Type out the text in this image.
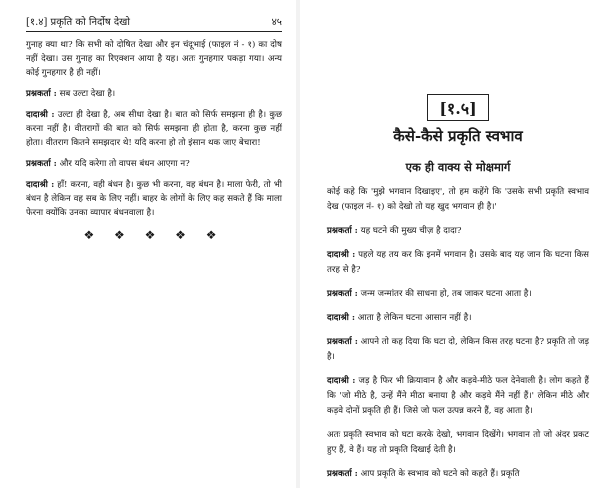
[१.४] प्रकृति को निर्दोष देखो	४५

गुनाह क्या था? कि सभी को दोषित देखा और इन चंदूभाई (फाइल नं - १) का दोष नहीं देखा। उस गुनाह का रिएक्शन आया है यह। अतः गुनहगार पकड़ा गया। अन्य कोई गुनहगार है ही नहीं।

प्रश्नकर्ता : सब उल्टा देखा है।

दादाश्री : उल्टा ही देखा है, अब सीधा देखा है। बात को सिर्फ समझना ही है। कुछ करना नहीं है। वीतरागों की बात को सिर्फ समझना ही होता है, करना कुछ नहीं होता। वीतराग कितने समझदार थे! यदि करना हो तो इंसान थक जाए बेचारा!

प्रश्नकर्ता : और यदि करेगा तो वापस बंधन आएगा न?

दादाश्री : हाँ! करना, वही बंधन है। कुछ भी करना, वह बंधन है। माला फेरी, तो भी बंधन है लेकिन वह सब के लिए नहीं। बाहर के लोगों के लिए कह सकते हैं कि माला फेरना क्योंकि उनका व्यापार बंधनवाला है।

❖ ❖ ❖ ❖ ❖
[१.५]
कैसे-कैसे प्रकृति स्वभाव
एक ही वाक्य से मोक्षमार्ग

कोई कहे कि 'मुझे भगवान दिखाइए', तो हम कहेंगे कि 'उसके सभी प्रकृति स्वभाव देख (फाइल नं- १) को देखो तो यह खुद भगवान ही है।'

प्रश्नकर्ता : यह घटने की मुख्य चीज़ है दादा?

दादाश्री : पहले यह तय कर कि इनमें भगवान है। उसके बाद यह जान कि घटना किस तरह से है?

प्रश्नकर्ता : जन्म जन्मांतर की साधना हो, तब जाकर घटना आता है।

दादाश्री : आता है लेकिन घटना आसान नहीं है।

प्रश्नकर्ता : आपने तो कह दिया कि घटा दो, लेकिन किस तरह घटना है? प्रकृति तो जड़ है।

दादाश्री : जड़ है फिर भी क्रियावान है और कड़वे-मीठे फल देनेवाली है। लोग कहते हैं कि 'जो मीठे है, उन्हें मैंने मीठा बनाया है और कड़वे मैंने नहीं हैं।' लेकिन मीठे और कड़वे दोनों प्रकृति ही हैं। जिसे जो फल उत्पन्न करने हैं, वह आता है।

अतः प्रकृति स्वभाव को घटा करके देखो, भगवान दिखेंगे। भगवान तो जो अंदर प्रकट हुए हैं, वे हैं। यह तो प्रकृति दिखाई देती है।

प्रश्नकर्ता : आप प्रकृति के स्वभाव को घटने को कहते हैं। प्रकृति
